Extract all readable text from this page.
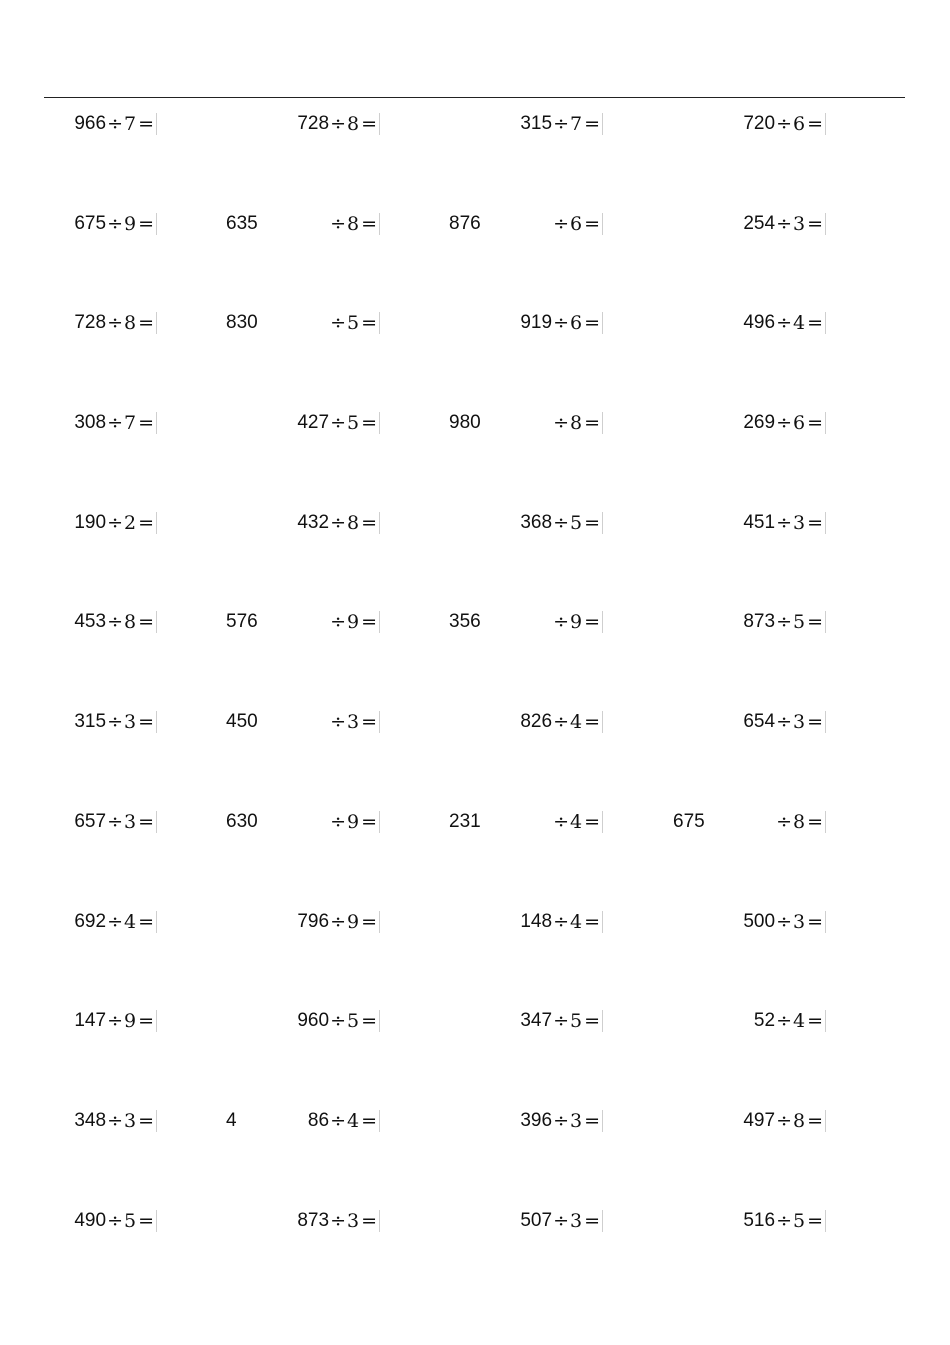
966 ÷ 7 =	728 ÷ 8 =	315 ÷ 7 =	720 ÷ 6 =
675 ÷ 9 =	635	÷ 8 =	876	÷ 6 =	254 ÷ 3 =
728 ÷ 8 =	830	÷ 5 =	919 ÷ 6 =	496 ÷ 4 =
308 ÷ 7 =	427 ÷ 5 =	980	÷ 8 =	269 ÷ 6 =
190 ÷ 2 =	432 ÷ 8 =	368 ÷ 5 =	451 ÷ 3 =
453 ÷ 8 =	576	÷ 9 =	356	÷ 9 =	873 ÷ 5 =
315 ÷ 3 =	450	÷ 3 =	826 ÷ 4 =	654 ÷ 3 =
657 ÷ 3 =	630	÷ 9 =	231	÷ 4 =	675	÷ 8 =
692 ÷ 4 =	796 ÷ 9 =	148 ÷ 4 =	500 ÷ 3 =
147 ÷ 9 =	960 ÷ 5 =	347 ÷ 5 =	52 ÷ 4 =
348 ÷ 3 =	4	86 ÷ 4 =	396 ÷ 3 =	497 ÷ 8 =
490 ÷ 5 =	873 ÷ 3 =	507 ÷ 3 =	516 ÷ 5 =
